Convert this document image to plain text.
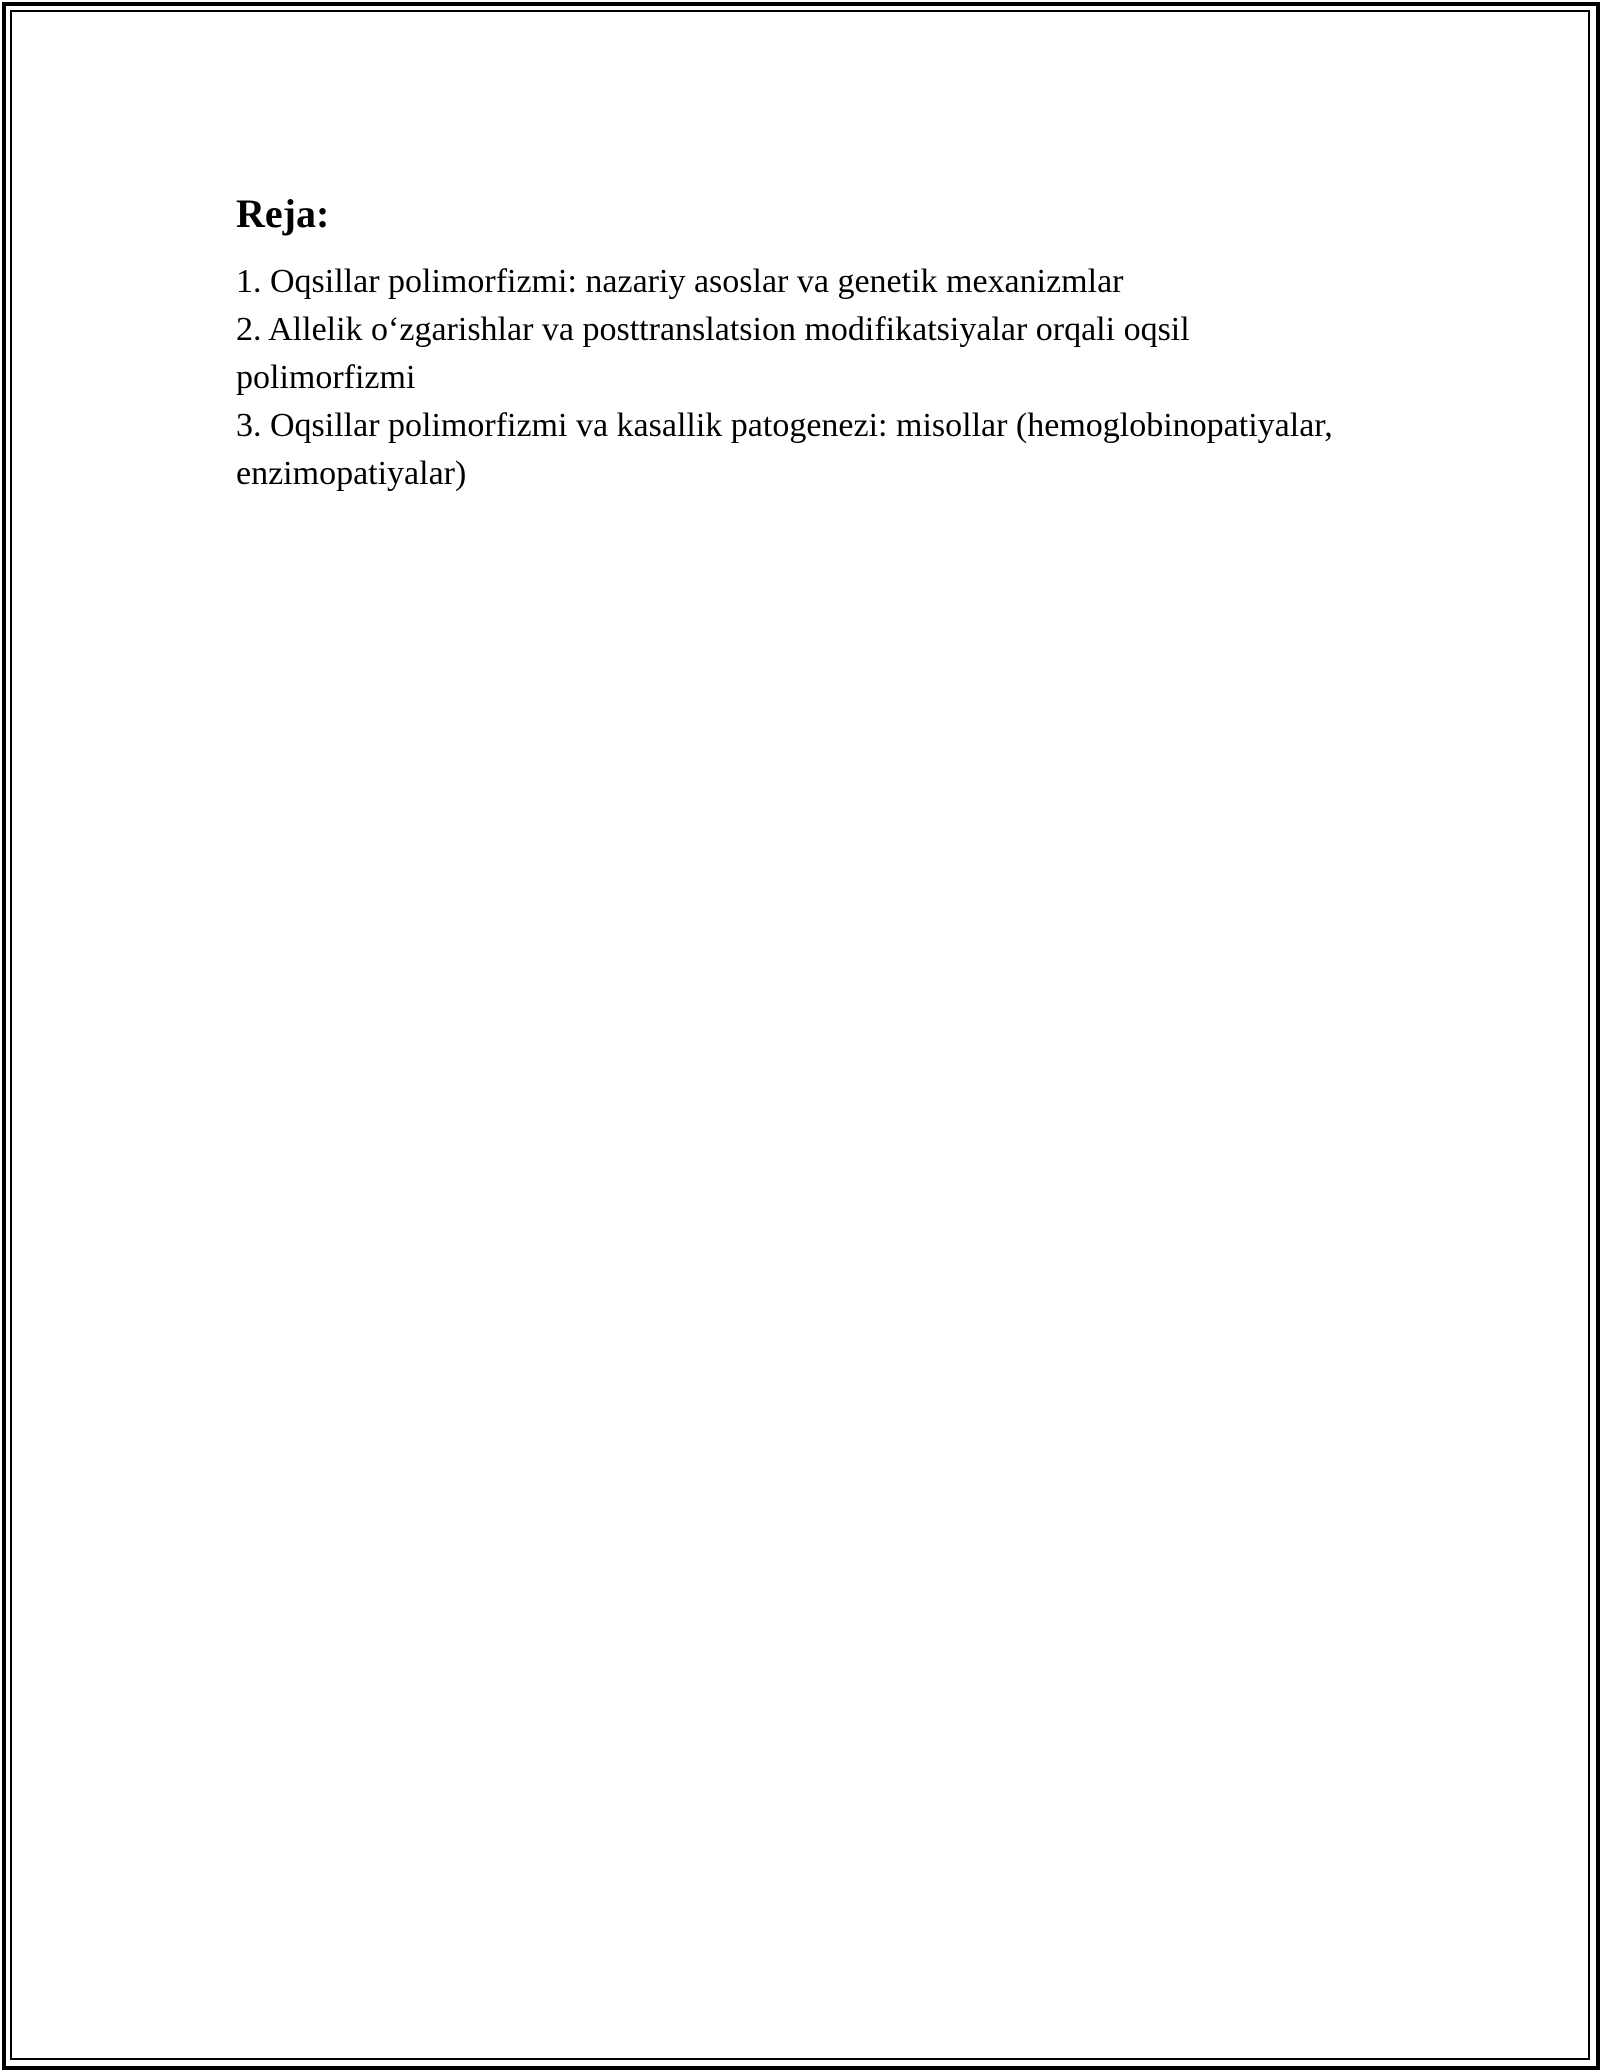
Reja:
1. Oqsillar polimorfizmi: nazariy asoslar va genetik mexanizmlar
2. Allelik o‘zgarishlar va posttranslatsion modifikatsiyalar orqali oqsil polimorfizmi
3. Oqsillar polimorfizmi va kasallik patogenezi: misollar (hemoglobinopatiyalar, enzimopatiyalar)
